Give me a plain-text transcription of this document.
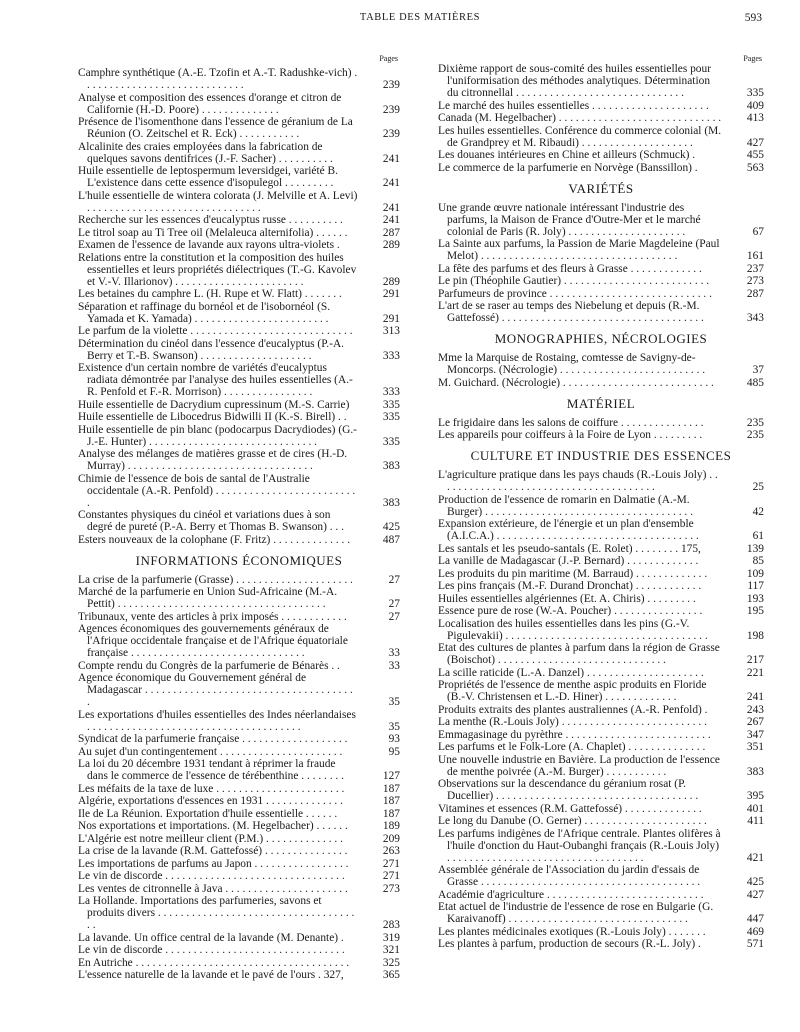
TABLE DES MATIÈRES	593
Pages
Camphre synthétique (A.-E. Tzofin et A.-T. Radushke-vich) . . . . . . . . . . . . . . . . . . . . . . . . . . . . .	239
Analyse et composition des essences d'orange et citron de Californie (H.-D. Poore) . . . . . . . . . . . . . .	239
Présence de l'isomenthone dans l'essence de géranium de La Réunion (O. Zeitschel et R. Eck) . . . . . . . . . . .	239
Alcalinite des craies employées dans la fabrication de quelques savons dentifrices (J.-F. Sacher) . . . . . . . . . .	241
Huile essentielle de leptospermum leversidgei, variété B. L'existence dans cette essence d'isopulegol . . . . . . . . .	241
L'huile essentielle de wintera colorata (J. Melville et A. Levi) . . . . . . . . . . . . . . . . . . . . . . . . . . . . . . .	241
Recherche sur les essences d'eucalyptus russe . . . . . . . . . .	241
Le titrol soap au Ti Tree oil (Melaleuca alternifolia) . . . . . .	287
Examen de l'essence de lavande aux rayons ultra-violets .	289
Relations entre la constitution et la composition des huiles essentielles et leurs propriétés diélectriques (T.-G. Kavolev et V.-V. Illarionov) . . . . . . . . . . . . . . . . . . . . . . .	289
Les betaines du camphre L. (H. Rupe et W. Flatt) . . . . . . .	291
Séparation et raffinage du bornéol et de l'isobornéol (S. Yamada et K. Yamada) . . . . . . . . . . . . . . . . . . . . . . . .	291
Le parfum de la violette . . . . . . . . . . . . . . . . . . . . . . . . . . . . .	313
Détermination du cinéol dans l'essence d'eucalyptus (P.-A. Berry et T.-B. Swanson) . . . . . . . . . . . . . . . . . . . .	333
Existence d'un certain nombre de variétés d'eucalyptus radiata démontrée par l'analyse des huiles essentielles (A.-R. Penfold et F.-R. Morrison) . . . . . . . . . . . . . . . .	333
Huile essentielle de Dacrydium cupressinum (M.-S. Carrie)	335
Huile essentielle de Libocedrus Bidwilli II (K.-S. Birell) . .	335
Huile essentielle de pin blanc (podocarpus Dacrydiodes) (G.-J.-E. Hunter) . . . . . . . . . . . . . . . . . . . . . . . . . . . . . .	335
Analyse des mélanges de matières grasse et de cires (H.-D. Murray) . . . . . . . . . . . . . . . . . . . . . . . . . . . . . . . . .	383
Chimie de l'essence de bois de santal de l'Australie occidentale (A.-R. Penfold) . . . . . . . . . . . . . . . . . . . . . . . . . .	383
Constantes physiques du cinéol et variations dues à son degré de pureté (P.-A. Berry et Thomas B. Swanson) . . .	425
Esters nouveaux de la colophane (F. Fritz) . . . . . . . . . . . . . .	487
INFORMATIONS ÉCONOMIQUES
La crise de la parfumerie (Grasse) . . . . . . . . . . . . . . . . . . . . .	27
Marché de la parfumerie en Union Sud-Africaine (M.-A. Pettit) . . . . . . . . . . . . . . . . . . . . . . . . . . . . . . . . . . . . .	27
Tribunaux, vente des articles à prix imposés . . . . . . . . . . . .	27
Agences économiques des gouvernements généraux de l'Afrique occidentale française et de l'Afrique équatoriale française . . . . . . . . . . . . . . . . . . . . . . . . . . . . . . .	33
Compte rendu du Congrès de la parfumerie de Bénarès . .	33
Agence économique du Gouvernement général de Madagascar . . . . . . . . . . . . . . . . . . . . . . . . . . . . . . . . . . . . . .	35
Les exportations d'huiles essentielles des Indes néerlandaises . . . . . . . . . . . . . . . . . . . . . . . . . . . . . . . . . . . . . .	35
Syndicat de la parfumerie française . . . . . . . . . . . . . . . . . . .	93
Au sujet d'un contingentement . . . . . . . . . . . . . . . . . . . . . .	95
La loi du 20 décembre 1931 tendant à réprimer la fraude dans le commerce de l'essence de térébenthine . . . . . . . .	127
Les méfaits de la taxe de luxe . . . . . . . . . . . . . . . . . . . . . . .	187
Algérie, exportations d'essences en 1931 . . . . . . . . . . . . . .	187
Ile de La Réunion. Exportation d'huile essentielle . . . . . .	187
Nos exportations et importations. (M. Hegelbacher) . . . . . .	189
L'Algérie est notre meilleur client (P.M.) . . . . . . . . . . . . . .	209
La crise de la lavande (R.M. Gattefossé) . . . . . . . . . . . . . . .	263
Les importations de parfums au Japon . . . . . . . . . . . . . . . . .	271
Le vin de discorde . . . . . . . . . . . . . . . . . . . . . . . . . . . . . . . .	271
Les ventes de citronnelle à Java . . . . . . . . . . . . . . . . . . . . . .	273
La Hollande. Importations des parfumeries, savons et produits divers . . . . . . . . . . . . . . . . . . . . . . . . . . . . . . . . . . . . .	283
La lavande. Un office central de la lavande (M. Denante) .	319
Le vin de discorde . . . . . . . . . . . . . . . . . . . . . . . . . . . . . . . .	321
En Autriche . . . . . . . . . . . . . . . . . . . . . . . . . . . . . . . . . . . . . .	325
L'essence naturelle de la lavande et le pavé de l'ours . 327,	365
Pages
Dixième rapport de sous-comité des huiles essentielles pour l'uniformisation des méthodes analytiques. Détermination du citronnellal . . . . . . . . . . . . . . . . . . . . . . . . . . . . . .	335
Le marché des huiles essentielles . . . . . . . . . . . . . . . . . . . . .	409
Canada (M. Hegelbacher) . . . . . . . . . . . . . . . . . . . . . . . . . . . . .	413
Les huiles essentielles. Conférence du commerce colonial (M. de Grandprey et M. Ribaudi) . . . . . . . . . . . . . . . . . . . .	427
Les douanes intérieures en Chine et ailleurs (Schmuck) .	455
Le commerce de la parfumerie en Norvège (Banssillon) .	563
VARIÉTÉS
Une grande œuvre nationale intéressant l'industrie des parfums, la Maison de France d'Outre-Mer et le marché colonial de Paris (R. Joly) . . . . . . . . . . . . . . . . . . . . .	67
La Sainte aux parfums, la Passion de Marie Magdeleine (Paul Melot) . . . . . . . . . . . . . . . . . . . . . . . . . . . . . . . . . . .	161
La fête des parfums et des fleurs à Grasse . . . . . . . . . . . . .	237
Le pin (Théophile Gautier) . . . . . . . . . . . . . . . . . . . . . . . . . .	273
Parfumeurs de province . . . . . . . . . . . . . . . . . . . . . . . . . . . . .	287
L'art de se raser au temps des Niebelung et depuis (R.-M. Gattefossé) . . . . . . . . . . . . . . . . . . . . . . . . . . . . . . . . . . . .	343
MONOGRAPHIES, NÉCROLOGIES
Mme la Marquise de Rostaing, comtesse de Savigny-de-Moncorps. (Nécrologie) . . . . . . . . . . . . . . . . . . . . . . . . . .	37
M. Guichard. (Nécrologie) . . . . . . . . . . . . . . . . . . . . . . . . . . .	485
MATÉRIEL
Le frigidaire dans les salons de coiffure . . . . . . . . . . . . . . .	235
Les appareils pour coiffeurs à la Foire de Lyon . . . . . . . . .	235
CULTURE ET INDUSTRIE DES ESSENCES
L'agriculture pratique dans les pays chauds (R.-Louis Joly) . . . . . . . . . . . . . . . . . . . . . . . . . . . . . . . . . . . . . . .	25
Production de l'essence de romarin en Dalmatie (A.-M. Burger) . . . . . . . . . . . . . . . . . . . . . . . . . . . . . . . . . . . . .	42
Expansion extérieure, de l'énergie et un plan d'ensemble (A.I.C.A.) . . . . . . . . . . . . . . . . . . . . . . . . . . . . . . . . . . . .	61
Les santals et les pseudo-santals (E. Rolet) . . . . . . . . 175,	139
La vanille de Madagascar (J.-P. Bernard) . . . . . . . . . . . . .	85
Les produits du pin maritime (M. Barraud) . . . . . . . . . . . . .	109
Les pins français (M.-F. Durand Dronchat) . . . . . . . . . . . .	117
Huiles essentielles algériennes (Et. A. Chiris) . . . . . . . . .	193
Essence pure de rose (W.-A. Poucher) . . . . . . . . . . . . . . . .	195
Localisation des huiles essentielles dans les pins (G.-V. Pigulevakii) . . . . . . . . . . . . . . . . . . . . . . . . . . . . . . . . . . . .	198
Etat des cultures de plantes à parfum dans la région de Grasse (Boischot) . . . . . . . . . . . . . . . . . . . . . . . . . . . . . .	217
La scille raticide (L.-A. Danzel) . . . . . . . . . . . . . . . . . . . . .	221
Propriétés de l'essence de menthe aspic produits en Floride (B.-V. Christensen et L.-D. Hiner) . . . . . . . . . . . . .	241
Produits extraits des plantes australiennes (A.-R. Penfold) .	243
La menthe (R.-Louis Joly) . . . . . . . . . . . . . . . . . . . . . . . . . .	267
Emmagasinage du pyrèthre . . . . . . . . . . . . . . . . . . . . . . . . . .	347
Les parfums et le Folk-Lore (A. Chaplet) . . . . . . . . . . . . . .	351
Une nouvelle industrie en Bavière. La production de l'essence de menthe poivrée (A.-M. Burger) . . . . . . . . . . .	383
Observations sur la descendance du géranium rosat (P. Ducellier) . . . . . . . . . . . . . . . . . . . . . . . . . . . . . . . . . . . .	395
Vitamines et essences (R.M. Gattefossé) . . . . . . . . . . . . . .	401
Le long du Danube (O. Gerner) . . . . . . . . . . . . . . . . . . . . . .	411
Les parfums indigènes de l'Afrique centrale. Plantes olifères à l'huile d'onction du Haut-Oubanghi français (R.-Louis Joly) . . . . . . . . . . . . . . . . . . . . . . . . . . . . . . . . . . .	421
Assemblée générale de l'Association du jardin d'essais de Grasse . . . . . . . . . . . . . . . . . . . . . . . . . . . . . . . . . . . . . . .	425
Académie d'agriculture . . . . . . . . . . . . . . . . . . . . . . . . . . . .	427
Etat actuel de l'industrie de l'essence de rose en Bulgarie (G. Karaivanoff) . . . . . . . . . . . . . . . . . . . . . . . . . . . . . . . .	447
Les plantes médicinales exotiques (R.-Louis Joly) . . . . . . .	469
Les plantes à parfum, production de secours (R.-L. Joly) .	571
